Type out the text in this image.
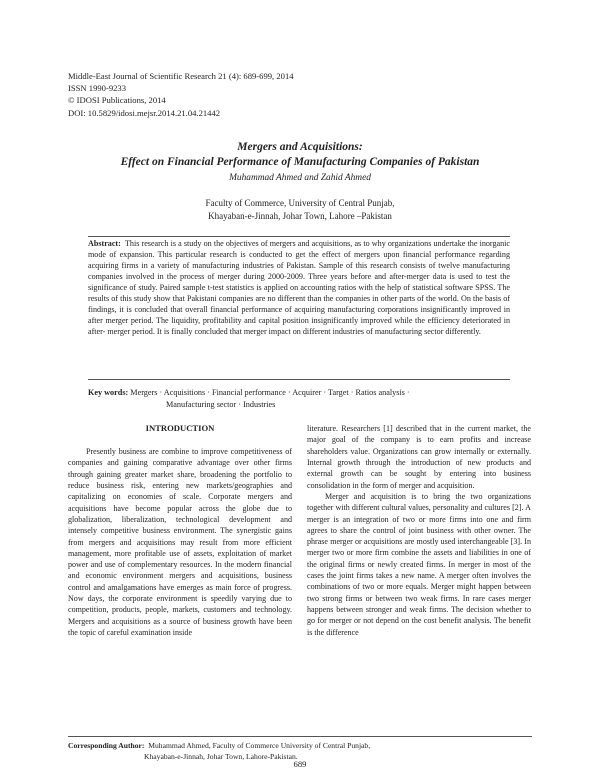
Middle-East Journal of Scientific Research 21 (4): 689-699, 2014
ISSN 1990-9233
© IDOSI Publications, 2014
DOI: 10.5829/idosi.mejsr.2014.21.04.21442
Mergers and Acquisitions:
Effect on Financial Performance of Manufacturing Companies of Pakistan
Muhammad Ahmed and Zahid Ahmed
Faculty of Commerce, University of Central Punjab,
Khayaban-e-Jinnah, Johar Town, Lahore –Pakistan
Abstract: This research is a study on the objectives of mergers and acquisitions, as to why organizations undertake the inorganic mode of expansion. This particular research is conducted to get the effect of mergers upon financial performance regarding acquiring firms in a variety of manufacturing industries of Pakistan. Sample of this research consists of twelve manufacturing companies involved in the process of merger during 2000-2009. Three years before and after-merger data is used to test the significance of study. Paired sample t-test statistics is applied on accounting ratios with the help of statistical software SPSS. The results of this study show that Pakistani companies are no different than the companies in other parts of the world. On the basis of findings, it is concluded that overall financial performance of acquiring manufacturing corporations insignificantly improved in after merger period. The liquidity, profitability and capital position insignificantly improved while the efficiency deteriorated in after- merger period. It is finally concluded that merger impact on different industries of manufacturing sector differently.
Key words: Mergers · Acquisitions · Financial performance · Acquirer · Target · Ratios analysis ·
Manufacturing sector · Industries
INTRODUCTION

Presently business are combine to improve competitiveness of companies and gaining comparative advantage over other firms through gaining greater market share, broadening the portfolio to reduce business risk, entering new markets/geographies and capitalizing on economies of scale. Corporate mergers and acquisitions have become popular across the globe due to globalization, liberalization, technological development and intensely competitive business environment. The synergistic gains from mergers and acquisitions may result from more efficient management, more profitable use of assets, exploitation of market power and use of complementary resources. In the modern financial and economic environment mergers and acquisitions, business control and amalgamations have emerges as main force of progress. Now days, the corporate environment is speedily varying due to competition, products, people, markets, customers and technology. Mergers and acquisitions as a source of business growth have been the topic of careful examination inside

literature. Researchers [1] described that in the current market, the major goal of the company is to earn profits and increase shareholders value. Organizations can grow internally or externally. Internal growth through the introduction of new products and external growth can be sought by entering into business consolidation in the form of merger and acquisition.

Merger and acquisition is to bring the two organizations together with different cultural values, personality and cultures [2]. A merger is an integration of two or more firms into one and firm agrees to share the control of joint business with other owner. The phrase merger or acquisitions are mostly used interchangeable [3]. In merger two or more firm combine the assets and liabilities in one of the original firms or newly created firms. In merger in most of the cases the joint firms takes a new name. A merger often involves the combinations of two or more equals. Merger might happen between two strong firms or between two weak firms. In rare cases merger happens between stronger and weak firms. The decision whether to go for merger or not depend on the cost benefit analysis. The benefit is the difference

Corresponding Author: Muhammad Ahmed, Faculty of Commerce University of Central Punjab,
Khayaban-e-Jinnah, Johar Town, Lahore-Pakistan.
689
